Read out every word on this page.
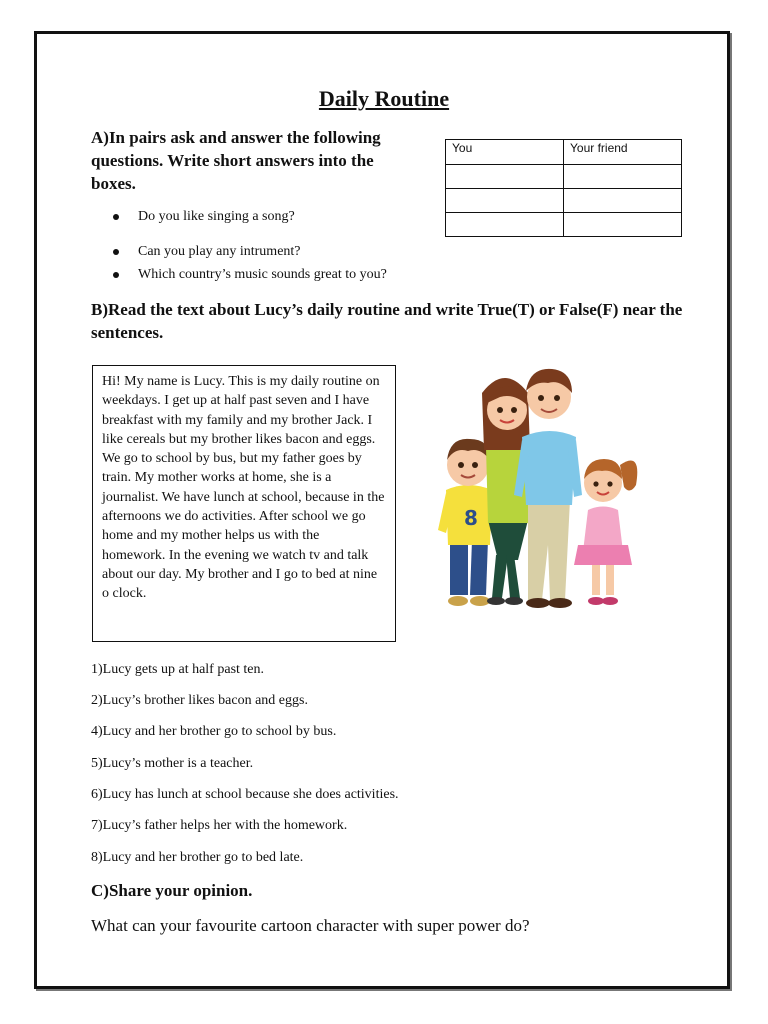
Daily Routine

A)In pairs ask and answer the following questions. Write short answers into the boxes.

Do you like singing a song?
Can you play any intrument?
Which country’s music sounds great to you?
You	Your friend

B)Read the text about Lucy’s daily routine and write True(T) or False(F) near the sentences.

Hi! My name is Lucy. This is my daily routine on weekdays. I get up at half past seven and I have breakfast with my family and my brother Jack. I like cereals but my brother likes bacon and eggs. We go to school by bus, but my father goes by train. My mother works at home, she is a journalist. We have lunch at school, because in the afternoons we do activities. After school we go home and my mother helps us with the homework. In the evening we watch tv and talk about our day. My brother and I go to bed at nine o clock.
8

1)Lucy gets up at half past ten.

2)Lucy’s brother likes bacon and eggs.

4)Lucy and her brother go to school by bus.

5)Lucy’s mother is a teacher.

6)Lucy has lunch at school because she does activities.

7)Lucy’s father helps her with the homework.

8)Lucy and her brother go to bed late.

C)Share your opinion.

What can your favourite cartoon character with super power do?
